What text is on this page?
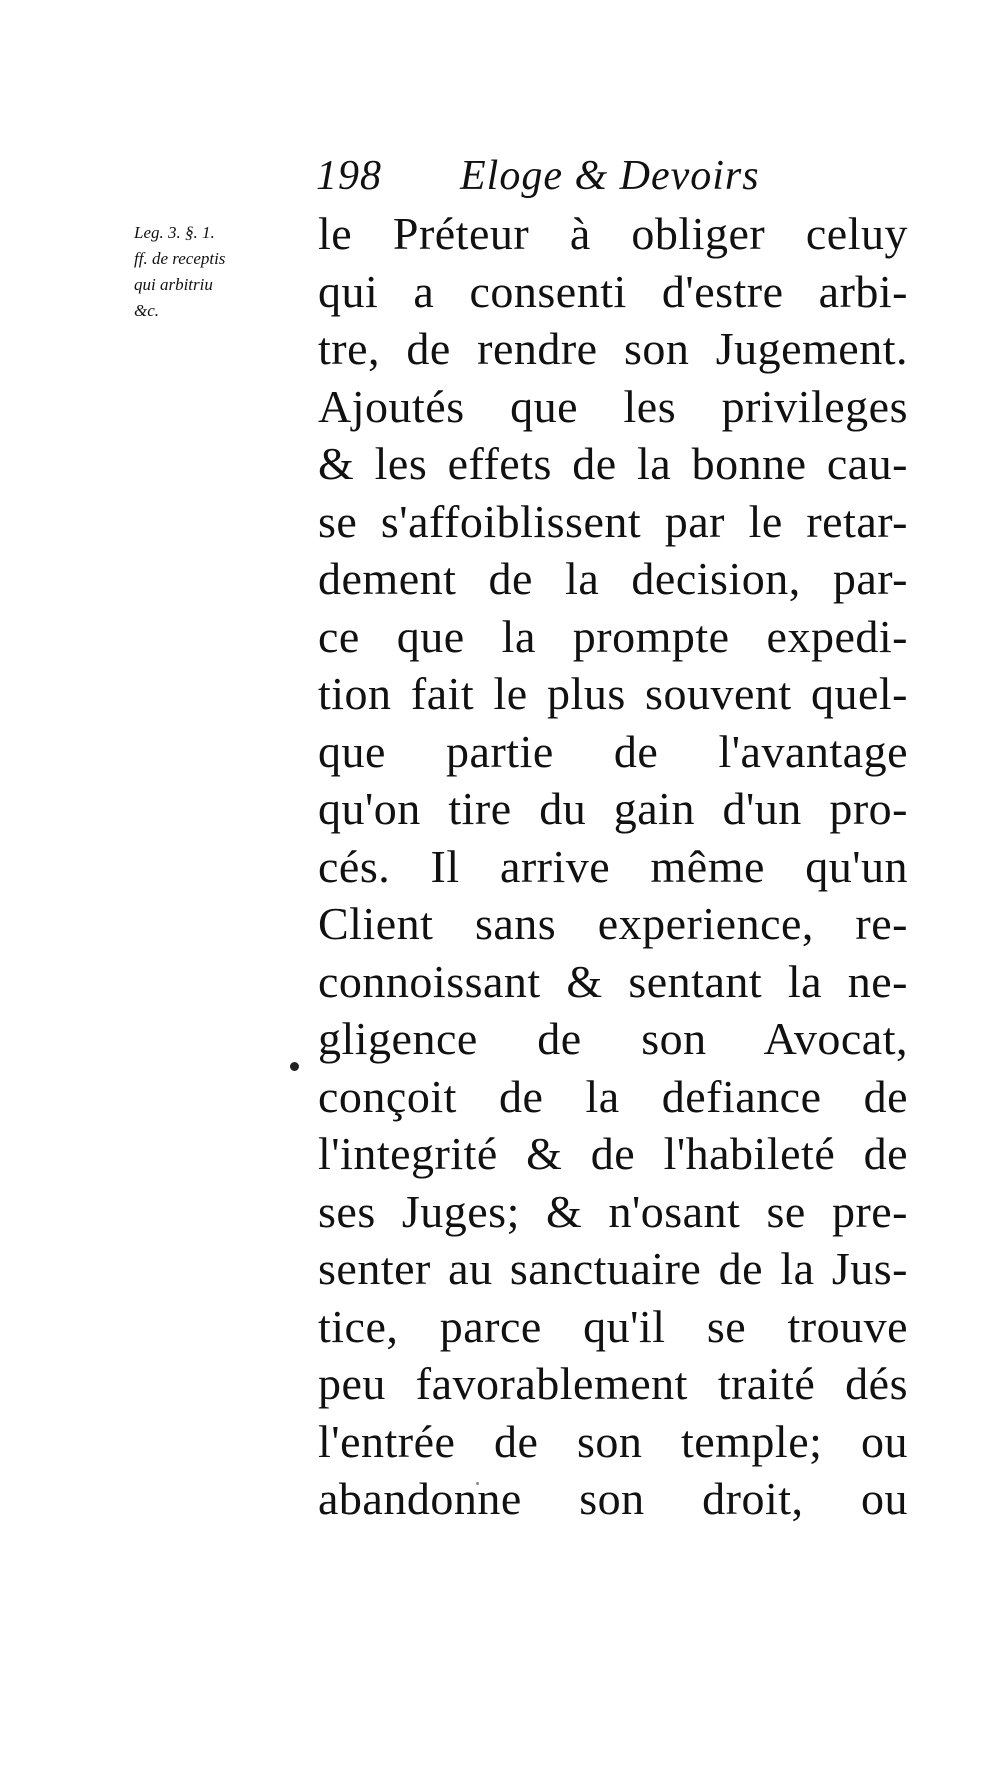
198 Eloge & Devoirs
Leg. 3. §. 1.
ff. de receptis
qui arbitriu
&c.
le Préteur à obliger celuy
qui a consenti d'estre arbi-
tre, de rendre son Jugement.
Ajoutés que les privileges
& les effets de la bonne cau-
se s'affoiblissent par le retar-
dement de la decision, par-
ce que la prompte expedi-
tion fait le plus souvent quel-
que partie de l'avantage
qu'on tire du gain d'un pro-
cés. Il arrive même qu'un
Client sans experience, re-
connoissant & sentant la ne-
gligence de son Avocat,
conçoit de la defiance de
l'integrité & de l'habileté de
ses Juges; & n'osant se pre-
senter au sanctuaire de la Jus-
tice, parce qu'il se trouve
peu favorablement traité dés
l'entrée de son temple; ou
abandonne son droit, ou
